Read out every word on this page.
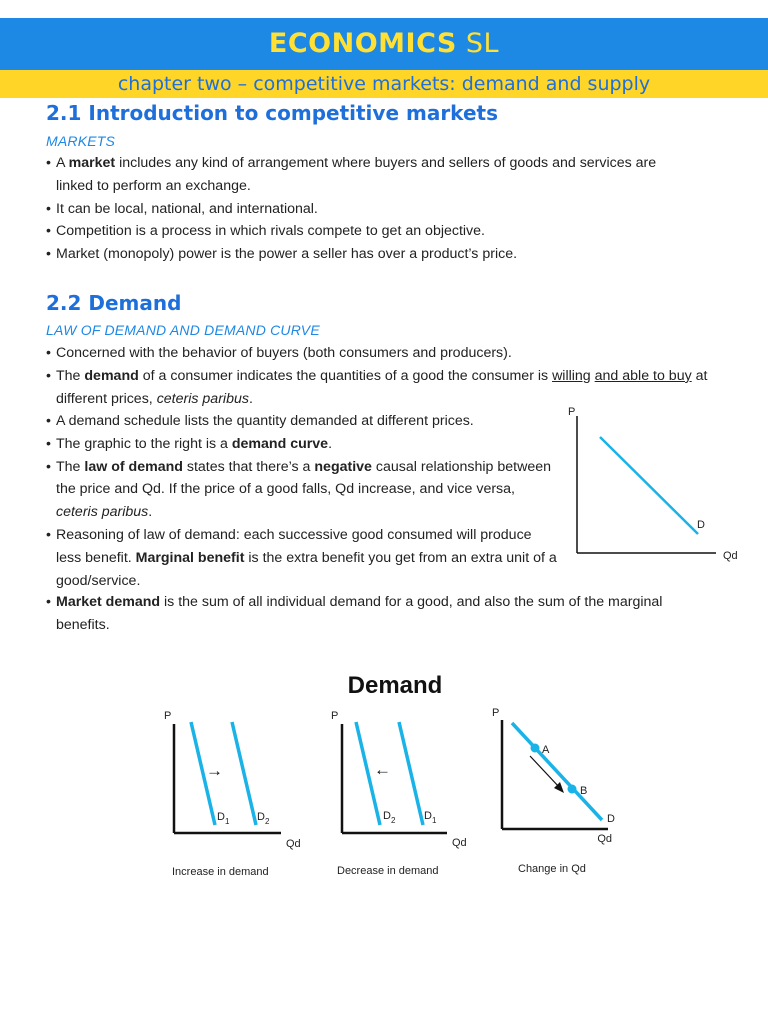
ECONOMICS SL
chapter two – competitive markets: demand and supply
2.1 Introduction to competitive markets
MARKETS
• A market includes any kind of arrangement where buyers and sellers of goods and services are linked to perform an exchange.
• It can be local, national, and international.
• Competition is a process in which rivals compete to get an objective.
• Market (monopoly) power is the power a seller has over a product’s price.
2.2 Demand
LAW OF DEMAND AND DEMAND CURVE
• Concerned with the behavior of buyers (both consumers and producers).
• The demand of a consumer indicates the quantities of a good the consumer is willing and able to buy at different prices, ceteris paribus.
• A demand schedule lists the quantity demanded at different prices.
• The graphic to the right is a demand curve.
• The law of demand states that there’s a negative causal relationship between the price and Qd. If the price of a good falls, Qd increase, and vice versa, ceteris paribus.
• Reasoning of law of demand: each successive good consumed will produce less benefit. Marginal benefit is the extra benefit you get from an extra unit of a good/service.
• Market demand is the sum of all individual demand for a good, and also the sum of the marginal benefits.
P
D
Qd
Demand
P
→
$D_1$	$D_2$
Qd
Increase in demand
P
←
$D_2$	$D_1$
Qd
Decrease in demand
P
A
B
D
Qd
Change in Qd
